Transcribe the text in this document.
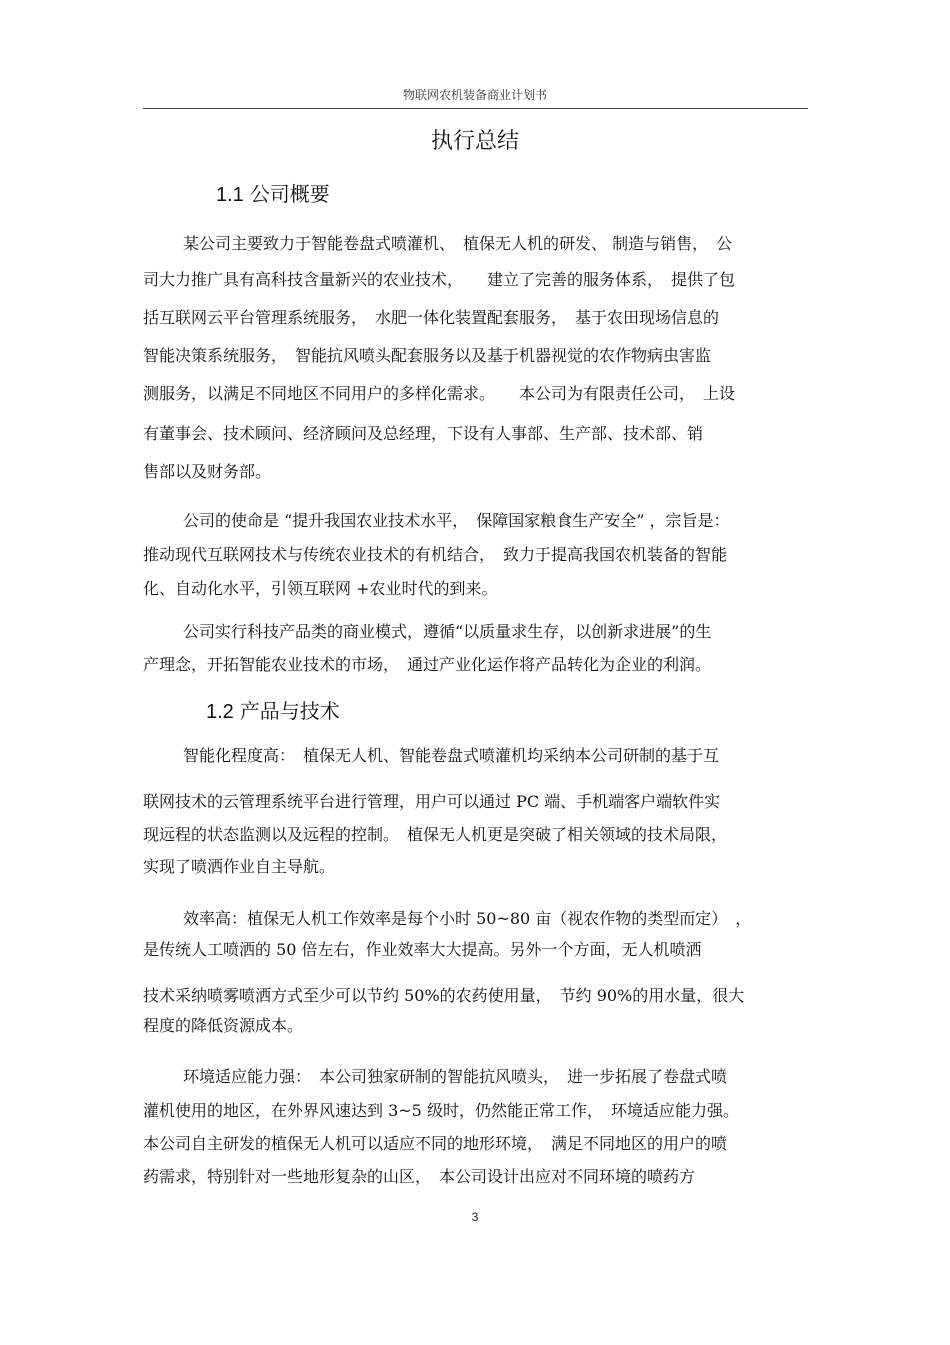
物联网农机装备商业计划书
执行总结
1.1 公司概要
某公司主要致力于智能卷盘式喷灌机、　植保无人机的研发、 制造与销售，　公
司大力推广具有高科技含量新兴的农业技术，　　建立了完善的服务体系，　提供了包
括互联网云平台管理系统服务，　水肥一体化装置配套服务，　基于农田现场信息的
智能决策系统服务，　智能抗风喷头配套服务以及基于机器视觉的农作物病虫害监
测服务，以满足不同地区不同用户的多样化需求。　　本公司为有限责任公司，　上设
有董事会、技术顾问、经济顾问及总经理，下设有人事部、生产部、技术部、销
售部以及财务部。
公司的使命是 “提升我国农业技术水平，　保障国家粮食生产安全” ，宗旨是：
推动现代互联网技术与传统农业技术的有机结合，　致力于提高我国农机装备的智能
化、自动化水平，引领互联网 +农业时代的到来。
公司实行科技产品类的商业模式，遵循“以质量求生存，以创新求进展”的生
产理念，开拓智能农业技术的市场，　通过产业化运作将产品转化为企业的利润。
1.2 产品与技术
智能化程度高：　植保无人机、智能卷盘式喷灌机均采纳本公司研制的基于互
联网技术的云管理系统平台进行管理，用户可以通过 PC 端、手机端客户端软件实
现远程的状态监测以及远程的控制。　植保无人机更是突破了相关领域的技术局限，
实现了喷洒作业自主导航。
效率高：植保无人机工作效率是每个小时 50~80 亩（视农作物的类型而定）　，
是传统人工喷洒的 50 倍左右，作业效率大大提高。另外一个方面，无人机喷洒
技术采纳喷雾喷洒方式至少可以节约 50%的农药使用量，　节约 90%的用水量，很大
程度的降低资源成本。
环境适应能力强：　本公司独家研制的智能抗风喷头，　进一步拓展了卷盘式喷
灌机使用的地区，在外界风速达到 3~5 级时，仍然能正常工作，　环境适应能力强。
本公司自主研发的植保无人机可以适应不同的地形环境，　满足不同地区的用户的喷
药需求，特别针对一些地形复杂的山区，　本公司设计出应对不同环境的喷药方
3
